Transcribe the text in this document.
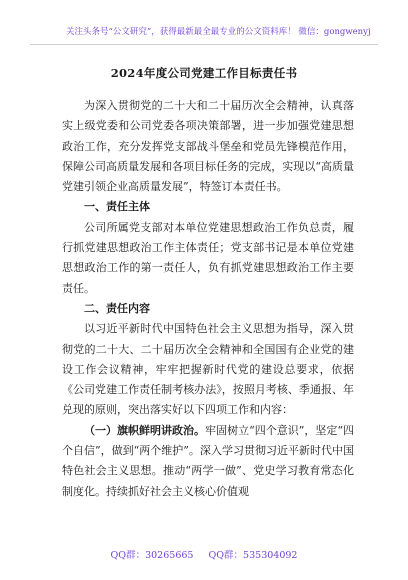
关注头条号“公文研究”，获得最新最全最专业的公文资料库！ 微信：gongwenyj
2024年度公司党建工作目标责任书

为深入贯彻党的二十大和二十届历次全会精神，认真落实上级党委和公司党委各项决策部署，进一步加强党建思想政治工作，充分发挥党支部战斗堡垒和党员先锋模范作用，保障公司高质量发展和各项目标任务的完成，实现以“高质量党建引领企业高质量发展”，特签订本责任书。

一、责任主体

公司所属党支部对本单位党建思想政治工作负总责，履行抓党建思想政治工作主体责任；党支部书记是本单位党建思想政治工作的第一责任人，负有抓党建思想政治工作主要责任。

二、责任内容

以习近平新时代中国特色社会主义思想为指导，深入贯彻党的二十大、二十届历次全会精神和全国国有企业党的建设工作会议精神，牢牢把握新时代党的建设总要求，依据《公司党建工作责任制考核办法》，按照月考核、季通报、年兑现的原则，突出落实好以下四项工作和内容：

（一）旗帜鲜明讲政治。牢固树立“四个意识”，坚定“四个自信”，做到“两个维护”。深入学习贯彻习近平新时代中国特色社会主义思想。推动“两学一做”、党史学习教育常态化制度化。持续抓好社会主义核心价值观

QQ群：30265665 QQ群：535304092
